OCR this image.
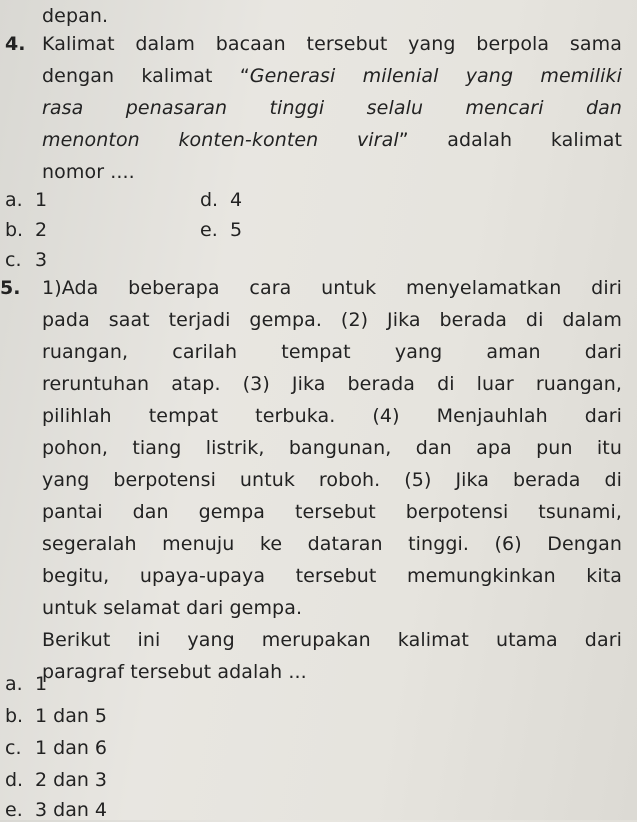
depan.
4. Kalimat dalam bacaan tersebut yang berpola sama
dengan kalimat “Generasi milenial yang memiliki
rasa penasaran tinggi selalu mencari dan
menonton konten-konten viral” adalah kalimat
nomor ....
a. 1
b. 2
c. 3
d. 4
e. 5
5. 1)Ada beberapa cara untuk menyelamatkan diri
pada saat terjadi gempa. (2) Jika berada di dalam
ruangan, carilah tempat yang aman dari
reruntuhan atap. (3) Jika berada di luar ruangan,
pilihlah tempat terbuka. (4) Menjauhlah dari
pohon, tiang listrik, bangunan, dan apa pun itu
yang berpotensi untuk roboh. (5) Jika berada di
pantai dan gempa tersebut berpotensi tsunami,
segeralah menuju ke dataran tinggi. (6) Dengan
begitu, upaya-upaya tersebut memungkinkan kita
untuk selamat dari gempa.
Berikut ini yang merupakan kalimat utama dari
paragraf tersebut adalah ...
a. 1
b. 1 dan 5
c. 1 dan 6
d. 2 dan 3
e. 3 dan 4
